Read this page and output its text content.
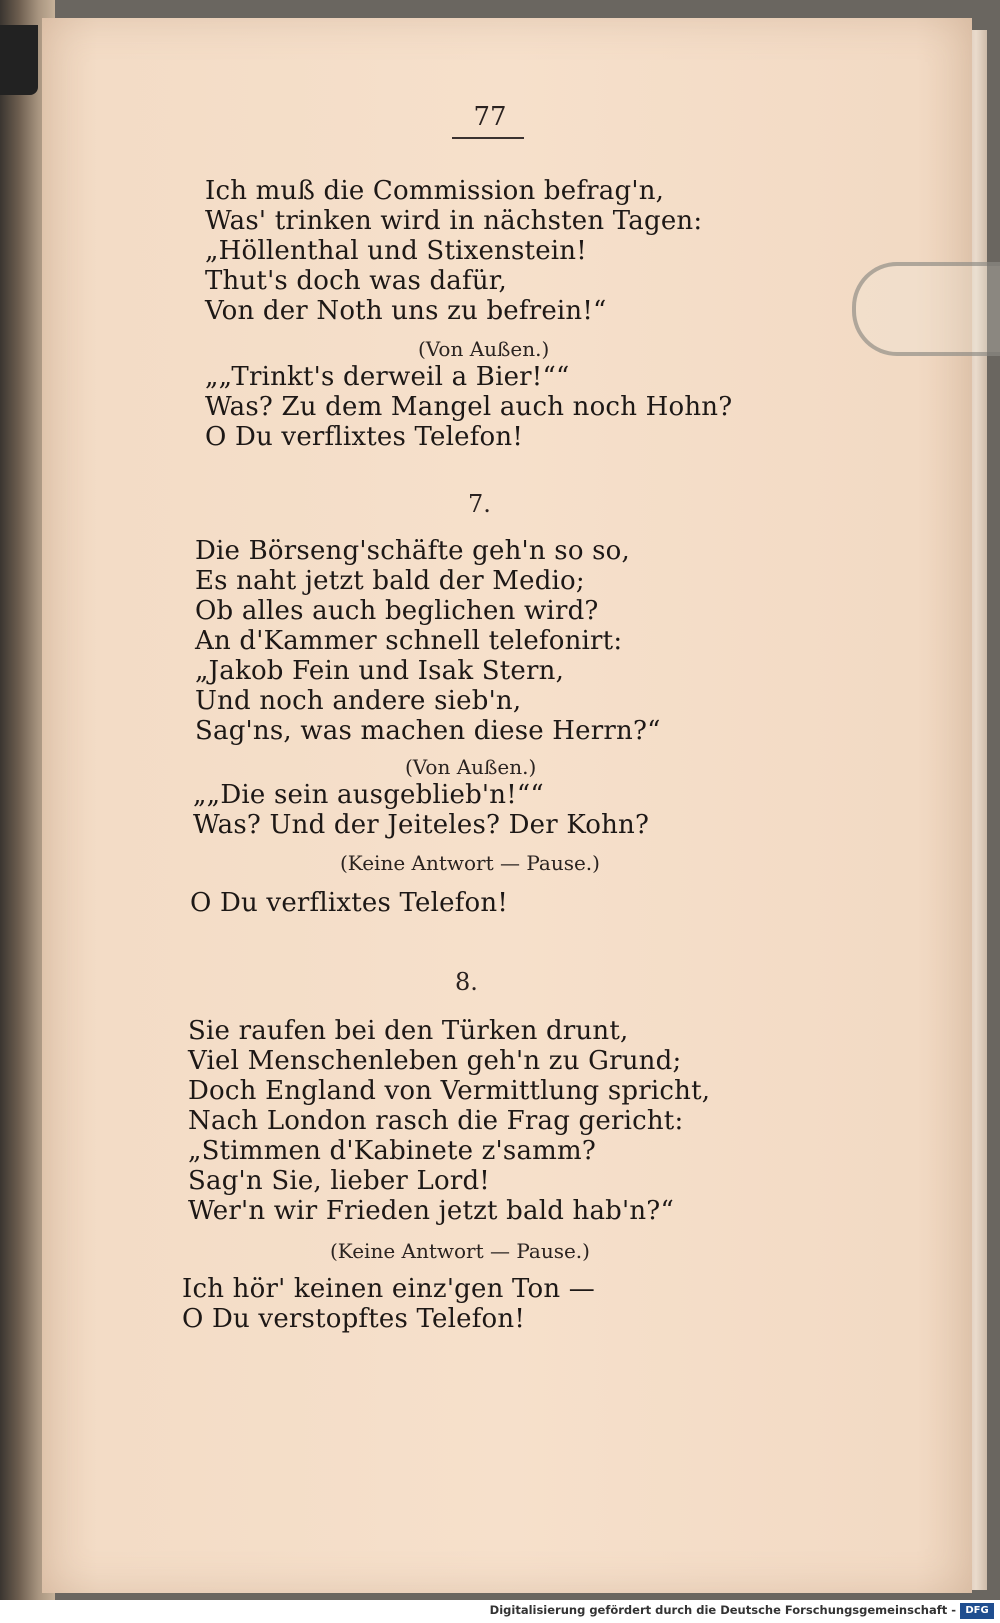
77
Ich muß die Commission befrag'n,
Was' trinken wird in nächsten Tagen:
„Höllenthal und Stixenstein!
Thut's doch was dafür,
Von der Noth uns zu befrein!“
(Von Außen.)
„„Trinkt's derweil a Bier!““
Was? Zu dem Mangel auch noch Hohn?
O Du verflixtes Telefon!
7.
Die Börseng'schäfte geh'n so so,
Es naht jetzt bald der Medio;
Ob alles auch beglichen wird?
An d'Kammer schnell telefonirt:
„Jakob Fein und Isak Stern,
Und noch andere sieb'n,
Sag'ns, was machen diese Herrn?“
(Von Außen.)
„„Die sein ausgeblieb'n!““
Was? Und der Jeiteles? Der Kohn?
(Keine Antwort — Pause.)
O Du verflixtes Telefon!
8.
Sie raufen bei den Türken drunt,
Viel Menschenleben geh'n zu Grund;
Doch England von Vermittlung spricht,
Nach London rasch die Frag gericht:
„Stimmen d'Kabinete z'samm?
Sag'n Sie, lieber Lord!
Wer'n wir Frieden jetzt bald hab'n?“
(Keine Antwort — Pause.)
Ich hör' keinen einz'gen Ton —
O Du verstopftes Telefon!
Digitalisierung gefördert durch die Deutsche Forschungsgemeinschaft - DFG
